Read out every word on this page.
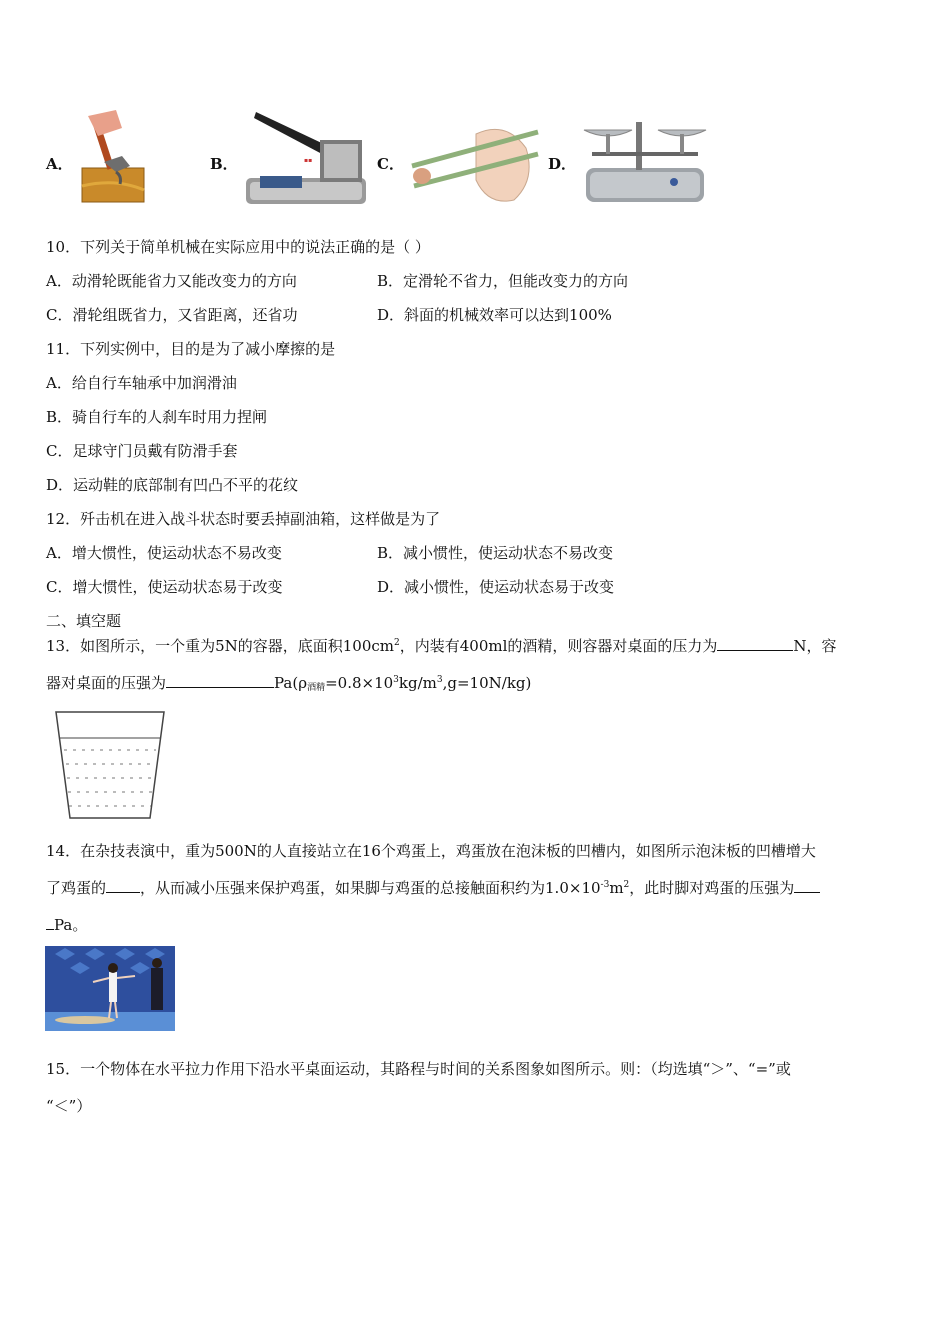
A．	B．	▪▪	C．	D．
10．下列关于简单机械在实际应用中的说法正确的是（ ）
A．动滑轮既能省力又能改变力的方向	B．定滑轮不省力，但能改变力的方向
C．滑轮组既省力，又省距离，还省功	D．斜面的机械效率可以达到100%
11．下列实例中，目的是为了减小摩擦的是
A．给自行车轴承中加润滑油
B．骑自行车的人刹车时用力捏闸
C．足球守门员戴有防滑手套
D．运动鞋的底部制有凹凸不平的花纹
12．歼击机在进入战斗状态时要丢掉副油箱，这样做是为了
A．增大惯性，使运动状态不易改变	B．减小惯性，使运动状态不易改变
C．增大惯性，使运动状态易于改变	D．减小惯性，使运动状态易于改变
二、填空题
13．如图所示，一个重为5N的容器，底面积$100cm^2$，内装有400ml的酒精，则容器对桌面的压力为	N，容
器对桌面的压强为	$Pa(\rho_{酒精}=0.8\times 10^3kg/m^3,g=10N/kg)$
14．在杂技表演中，重为500N的人直接站立在16个鸡蛋上，鸡蛋放在泡沫板的凹槽内，如图所示泡沫板的凹槽增大
了鸡蛋的 ，从而减小压强来保护鸡蛋，如果脚与鸡蛋的总接触面积约为$1.0\times 10^{-3}m^2$，此时脚对鸡蛋的压强为
Pa。
15．一个物体在水平拉力作用下沿水平桌面运动，其路程与时间的关系图象如图所示。则：（均选填“＞”、“=”或
“＜”）
